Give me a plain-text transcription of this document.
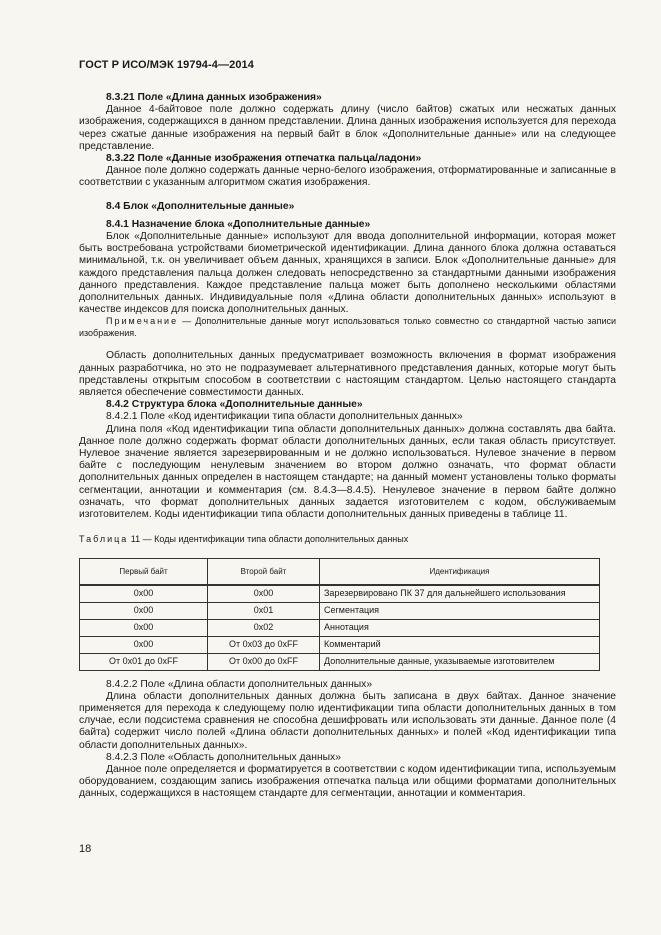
ГОСТ Р ИСО/МЭК 19794-4—2014

8.3.21 Поле «Длина данных изображения»

Данное 4-байтовое поле должно содержать длину (число байтов) сжатых или несжатых данных изображения, содержащихся в данном представлении. Длина данных изображения используется для перехода через сжатые данные изображения на первый байт в блок «Дополнительные данные» или на следующее представление.

8.3.22 Поле «Данные изображения отпечатка пальца/ладони»

Данное поле должно содержать данные черно-белого изображения, отформатированные и записанные в соответствии с указанным алгоритмом сжатия изображения.

8.4 Блок «Дополнительные данные»

8.4.1 Назначение блока «Дополнительные данные»

Блок «Дополнительные данные» используют для ввода дополнительной информации, которая может быть востребована устройствами биометрической идентификации. Длина данного блока должна оставаться минимальной, т.к. он увеличивает объем данных, хранящихся в записи. Блок «Дополнительные данные» для каждого представления пальца должен следовать непосредственно за стандартными данными изображения данного представления. Каждое представление пальца может быть дополнено несколькими областями дополнительных данных. Индивидуальные поля «Длина области дополнительных данных» используют в качестве индексов для поиска дополнительных данных.

Примечание — Дополнительные данные могут использоваться только совместно со стандартной частью записи изображения.

Область дополнительных данных предусматривает возможность включения в формат изображения данных разработчика, но это не подразумевает альтернативного представления данных, которые могут быть представлены открытым способом в соответствии с настоящим стандартом. Целью настоящего стандарта является обеспечение совместимости данных.

8.4.2 Структура блока «Дополнительные данные»

8.4.2.1 Поле «Код идентификации типа области дополнительных данных»

Длина поля «Код идентификации типа области дополнительных данных» должна составлять два байта. Данное поле должно содержать формат области дополнительных данных, если такая область присутствует. Нулевое значение является зарезервированным и не должно использоваться. Нулевое значение в первом байте с последующим ненулевым значением во втором должно означать, что формат области дополнительных данных определен в настоящем стандарте; на данный момент установлены только форматы сегментации, аннотации и комментария (см. 8.4.3—8.4.5). Ненулевое значение в первом байте должно означать, что формат дополнительных данных задается изготовителем с кодом, обслуживаемым изготовителем. Коды идентификации типа области дополнительных данных приведены в таблице 11.

Таблица 11 — Коды идентификации типа области дополнительных данных
Первый байт	Второй байт	Идентификация
0x00	0x00	Зарезервировано ПК 37 для дальнейшего использования
0x00	0x01	Сегментация
0x00	0x02	Аннотация
0x00	От 0x03 до 0xFF	Комментарий
От 0x01 до 0xFF	От 0x00 до 0xFF	Дополнительные данные, указываемые изготовителем

8.4.2.2 Поле «Длина области дополнительных данных»

Длина области дополнительных данных должна быть записана в двух байтах. Данное значение применяется для перехода к следующему полю идентификации типа области дополнительных данных в том случае, если подсистема сравнения не способна дешифровать или использовать эти данные. Данное поле (4 байта) содержит число полей «Длина области дополнительных данных» и полей «Код идентификации типа области дополнительных данных».

8.4.2.3 Поле «Область дополнительных данных»

Данное поле определяется и форматируется в соответствии с кодом идентификации типа, используемым оборудованием, создающим запись изображения отпечатка пальца или общими форматами дополнительных данных, содержащихся в настоящем стандарте для сегментации, аннотации и комментария.

18
